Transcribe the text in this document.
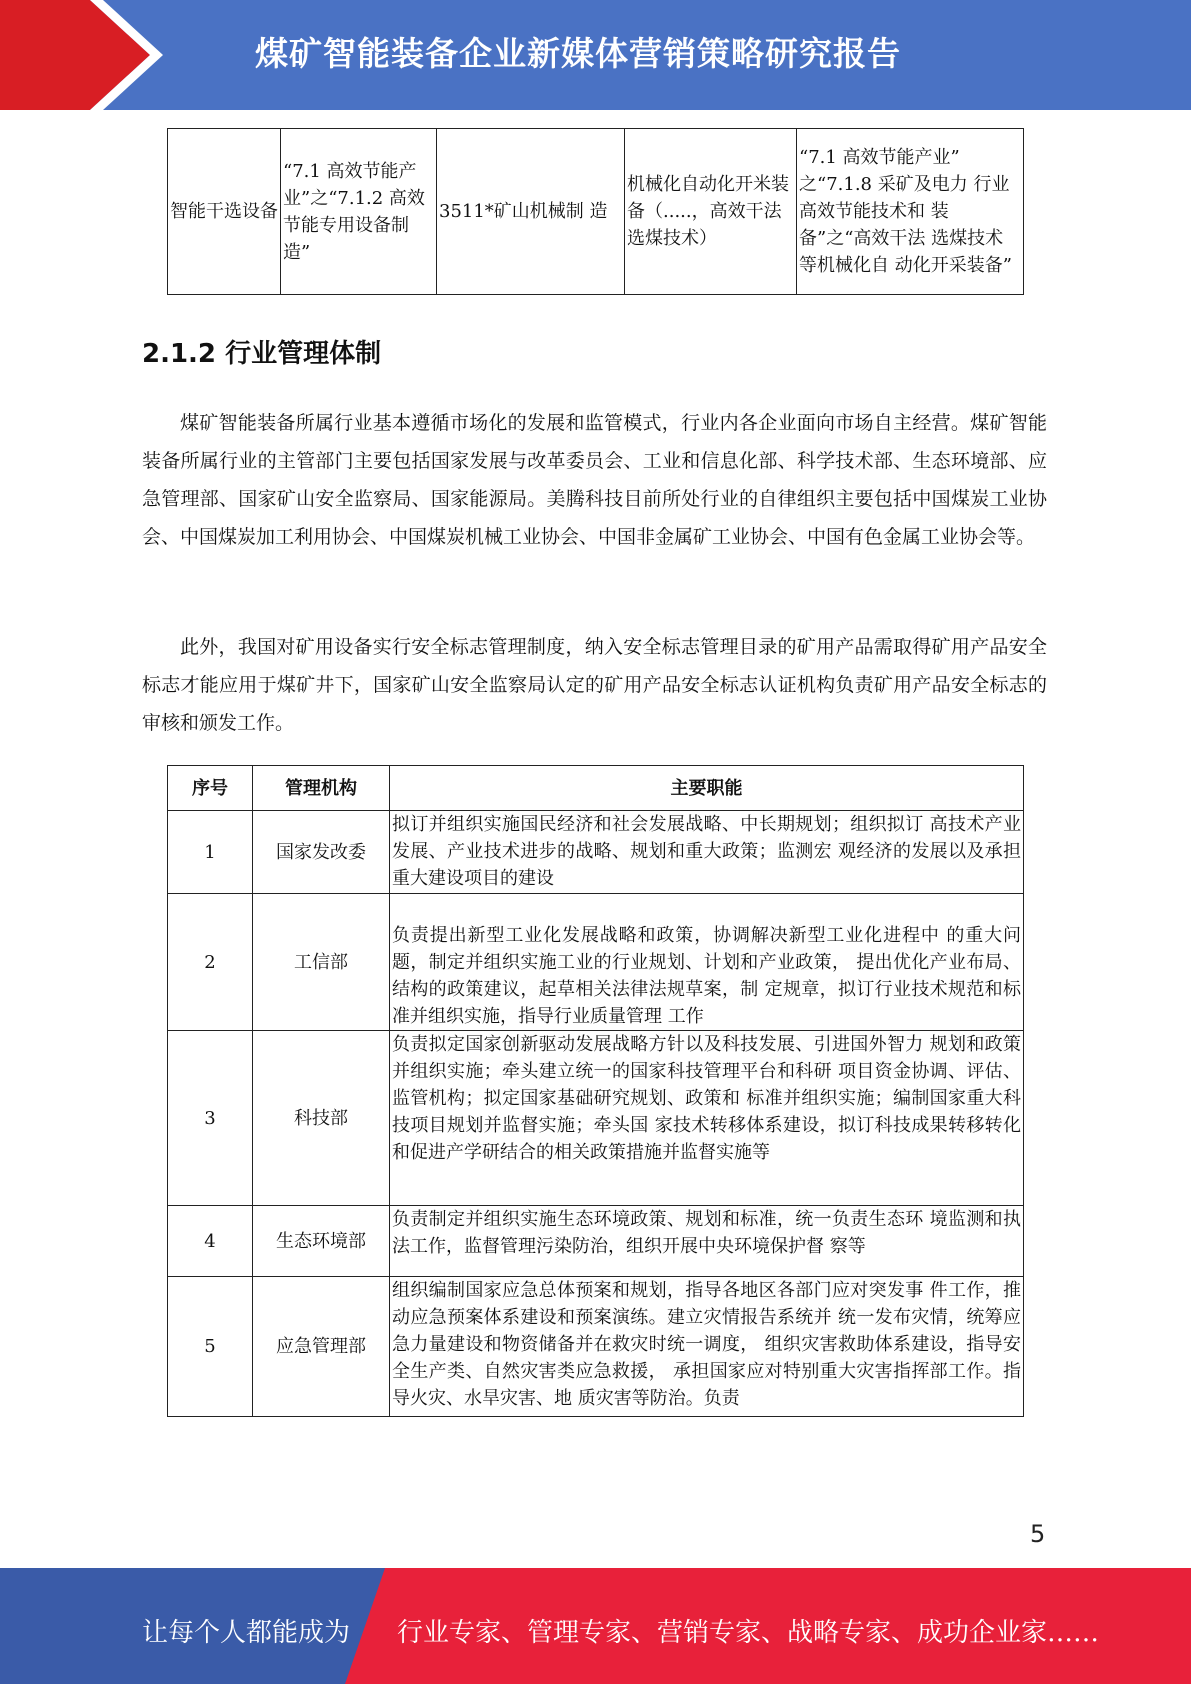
煤矿智能装备企业新媒体营销策略研究报告
智能干选设备	“7.1 高效节能产业”之“7.1.2 高效节能专用设备制造”	3511*矿山机械制 造	机械化自动化开米装备（.....，高效干法选煤技术）	“7.1 高效节能产业” 之“7.1.8 采矿及电力 行业高效节能技术和 装备”之“高效干法 选煤技术等机械化自 动化开采装备”
2.1.2 行业管理体制

煤矿智能装备所属行业基本遵循市场化的发展和监管模式，行业内各企业面向市场自主经营。煤矿智能装备所属行业的主管部门主要包括国家发展与改革委员会、工业和信息化部、科学技术部、生态环境部、应急管理部、国家矿山安全监察局、国家能源局。美腾科技目前所处行业的自律组织主要包括中国煤炭工业协会、中国煤炭加工利用协会、中国煤炭机械工业协会、中国非金属矿工业协会、中国有色金属工业协会等。

此外，我国对矿用设备实行安全标志管理制度，纳入安全标志管理目录的矿用产品需取得矿用产品安全标志才能应用于煤矿井下，国家矿山安全监察局认定的矿用产品安全标志认证机构负责矿用产品安全标志的审核和颁发工作。

序号	管理机构	主要职能
1	国家发改委	拟订并组织实施国民经济和社会发展战略、中长期规划；组织拟订 高技术产业发展、产业技术进步的战略、规划和重大政策；监测宏 观经济的发展以及承担重大建设项目的建设
2	工信部	负责提出新型工业化发展战略和政策，协调解决新型工业化进程中 的重大问题，制定并组织实施工业的行业规划、计划和产业政策， 提出优化产业布局、结构的政策建议，起草相关法律法规草案，制 定规章，拟订行业技术规范和标准并组织实施，指导行业质量管理 工作
3	科技部	负责拟定国家创新驱动发展战略方针以及科技发展、引进国外智力 规划和政策并组织实施；牵头建立统一的国家科技管理平台和科研 项目资金协调、评估、监管机构；拟定国家基础研究规划、政策和 标准并组织实施；编制国家重大科技项目规划并监督实施；牵头国 家技术转移体系建设，拟订科技成果转移转化和促进产学研结合的相关政策措施并监督实施等
4	生态环境部	负责制定并组织实施生态环境政策、规划和标准，统一负责生态环 境监测和执法工作，监督管理污染防治，组织开展中央环境保护督 察等
5	应急管理部	组织编制国家应急总体预案和规划，指导各地区各部门应对突发事 件工作，推动应急预案体系建设和预案演练。建立灾情报告系统并 统一发布灾情，统筹应急力量建设和物资储备并在救灾时统一调度， 组织灾害救助体系建设，指导安全生产类、自然灾害类应急救援， 承担国家应对特别重大灾害指挥部工作。指导火灾、水旱灾害、地 质灾害等防治。负责
5
让每个人都能成为 行业专家、管理专家、营销专家、战略专家、成功企业家……
